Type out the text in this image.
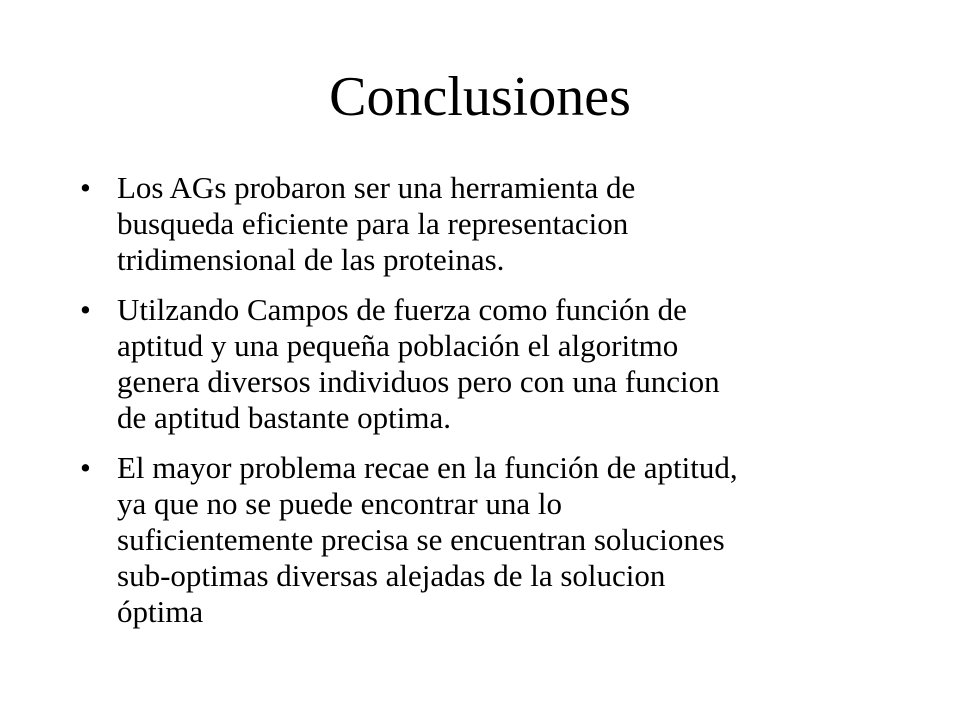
Conclusiones
• Los AGs probaron ser una herramienta de
busqueda eficiente para la representacion
tridimensional de las proteinas.
• Utilzando Campos de fuerza como función de
aptitud y una pequeña población el algoritmo
genera diversos individuos pero con una funcion
de aptitud bastante optima.
• El mayor problema recae en la función de aptitud,
ya que no se puede encontrar una lo
suficientemente precisa se encuentran soluciones
sub-optimas diversas alejadas de la solucion
óptima
